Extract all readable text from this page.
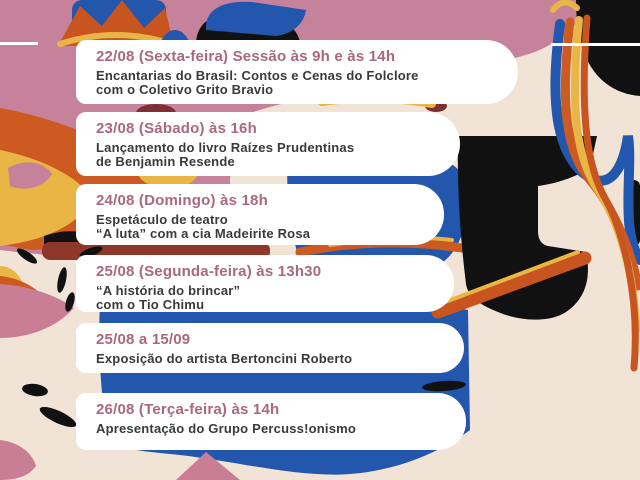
22/08 (Sexta-feira) Sessão às 9h e às 14h
Encantarias do Brasil: Contos e Cenas do Folclore
com o Coletivo Grito Bravio
23/08 (Sábado) às 16h
Lançamento do livro Raízes Prudentinas
de Benjamin Resende
24/08 (Domingo) às 18h
Espetáculo de teatro
“A luta” com a cia Madeirite Rosa
25/08 (Segunda-feira) às 13h30
“A história do brincar”
com o Tio Chimu
25/08 a 15/09
Exposição do artista Bertoncini Roberto
26/08 (Terça-feira) às 14h
Apresentação do Grupo Percuss!onismo
